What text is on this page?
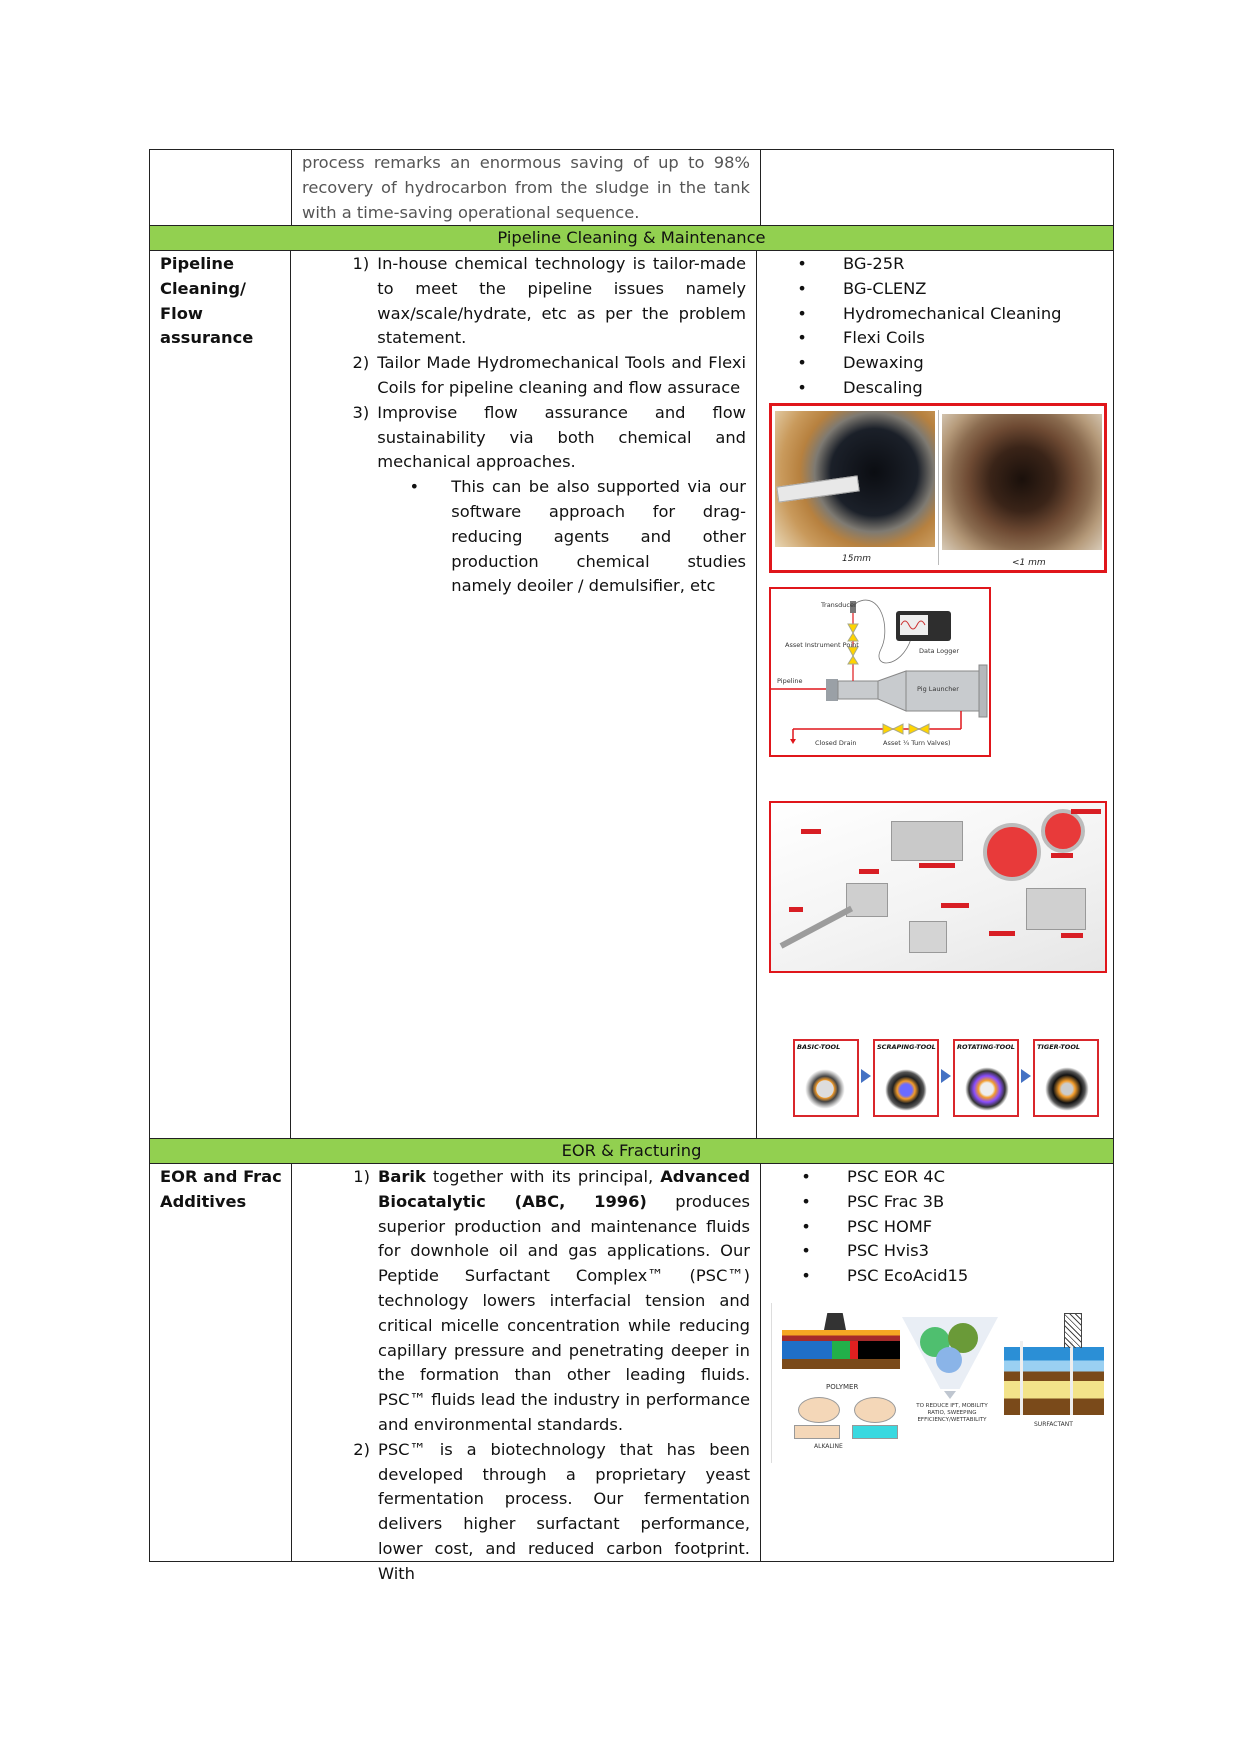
process remarks an enormous saving of up to 98% recovery of hydrocarbon from the sludge in the tank with a time-saving operational sequence.
Pipeline Cleaning & Maintenance
Pipeline Cleaning/ Flow assurance
1) In-house chemical technology is tailor-made to meet the pipeline issues namely wax/scale/hydrate, etc as per the problem statement.
2) Tailor Made Hydromechanical Tools and Flexi Coils for pipeline cleaning and flow assurace
3) Improvise flow assurance and flow sustainability via both chemical and mechanical approaches.
•	This can be also supported via our software approach for drag-reducing agents and other production chemical studies namely deoiler / demulsifier, etc
•	BG-25R
•	BG-CLENZ
•	Hydromechanical Cleaning
•	Flexi Coils
•	Dewaxing
•	Descaling
15mm	<1 mm
Transducer
Asset Instrument Point
Data Logger
Pipeline
Pig Launcher
Closed Drain	Asset ¼ Turn Valves)
BASIC-TOOL	SCRAPING-TOOL	ROTATING-TOOL	TIGER-TOOL
EOR & Fracturing
EOR and Frac Additives
1) Barik together with its principal, Advanced Biocatalytic (ABC, 1996) produces superior production and maintenance fluids for downhole oil and gas applications. Our Peptide Surfactant Complex™ (PSC™) technology lowers interfacial tension and critical micelle concentration while reducing capillary pressure and penetrating deeper in the formation than other leading fluids. PSC™ fluids lead the industry in performance and environmental standards.
2) PSC™ is a biotechnology that has been developed through a proprietary yeast fermentation process. Our fermentation delivers higher surfactant performance, lower cost, and reduced carbon footprint. With
•	PSC EOR 4C
•	PSC Frac 3B
•	PSC HOMF
•	PSC Hvis3
•	PSC EcoAcid15
POLYMER
ALKALINE
TO REDUCE IFT, MOBILITY RATIO, SWEEPING EFFICIENCY/WETTABILITY
SURFACTANT
